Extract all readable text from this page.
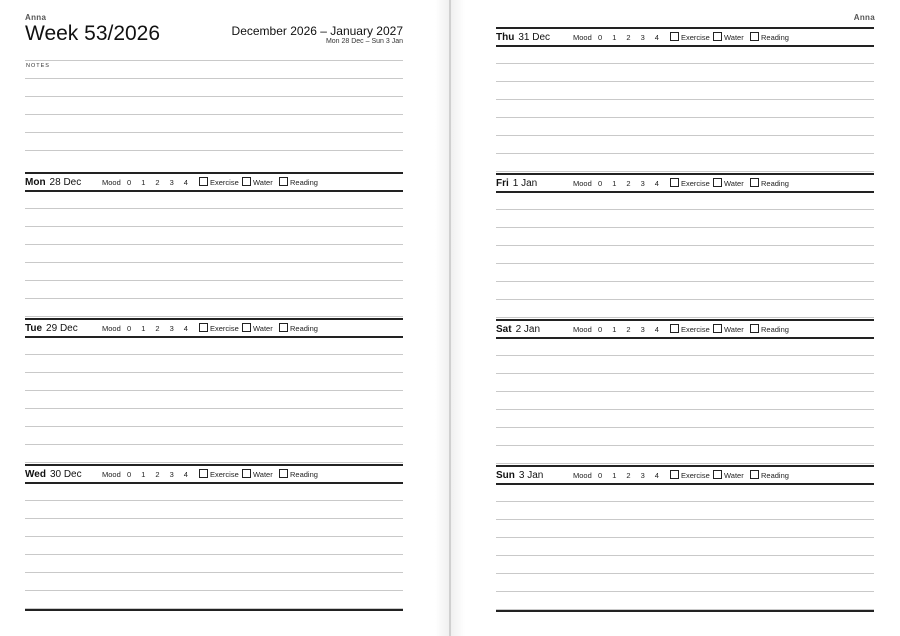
Anna
Week 53/2026	December 2026 – January 2027
Mon 28 Dec – Sun 3 Jan
NOTES
Mon 28 Dec	Mood 0 1 2 3 4	Exercise Water Reading
Tue 29 Dec	Mood 0 1 2 3 4	Exercise Water Reading
Wed 30 Dec	Mood 0 1 2 3 4	Exercise Water Reading
Anna
Thu 31 Dec	Mood 0 1 2 3 4	Exercise Water Reading
Fri 1 Jan	Mood 0 1 2 3 4	Exercise Water Reading
Sat 2 Jan	Mood 0 1 2 3 4	Exercise Water Reading
Sun 3 Jan	Mood 0 1 2 3 4	Exercise Water Reading
